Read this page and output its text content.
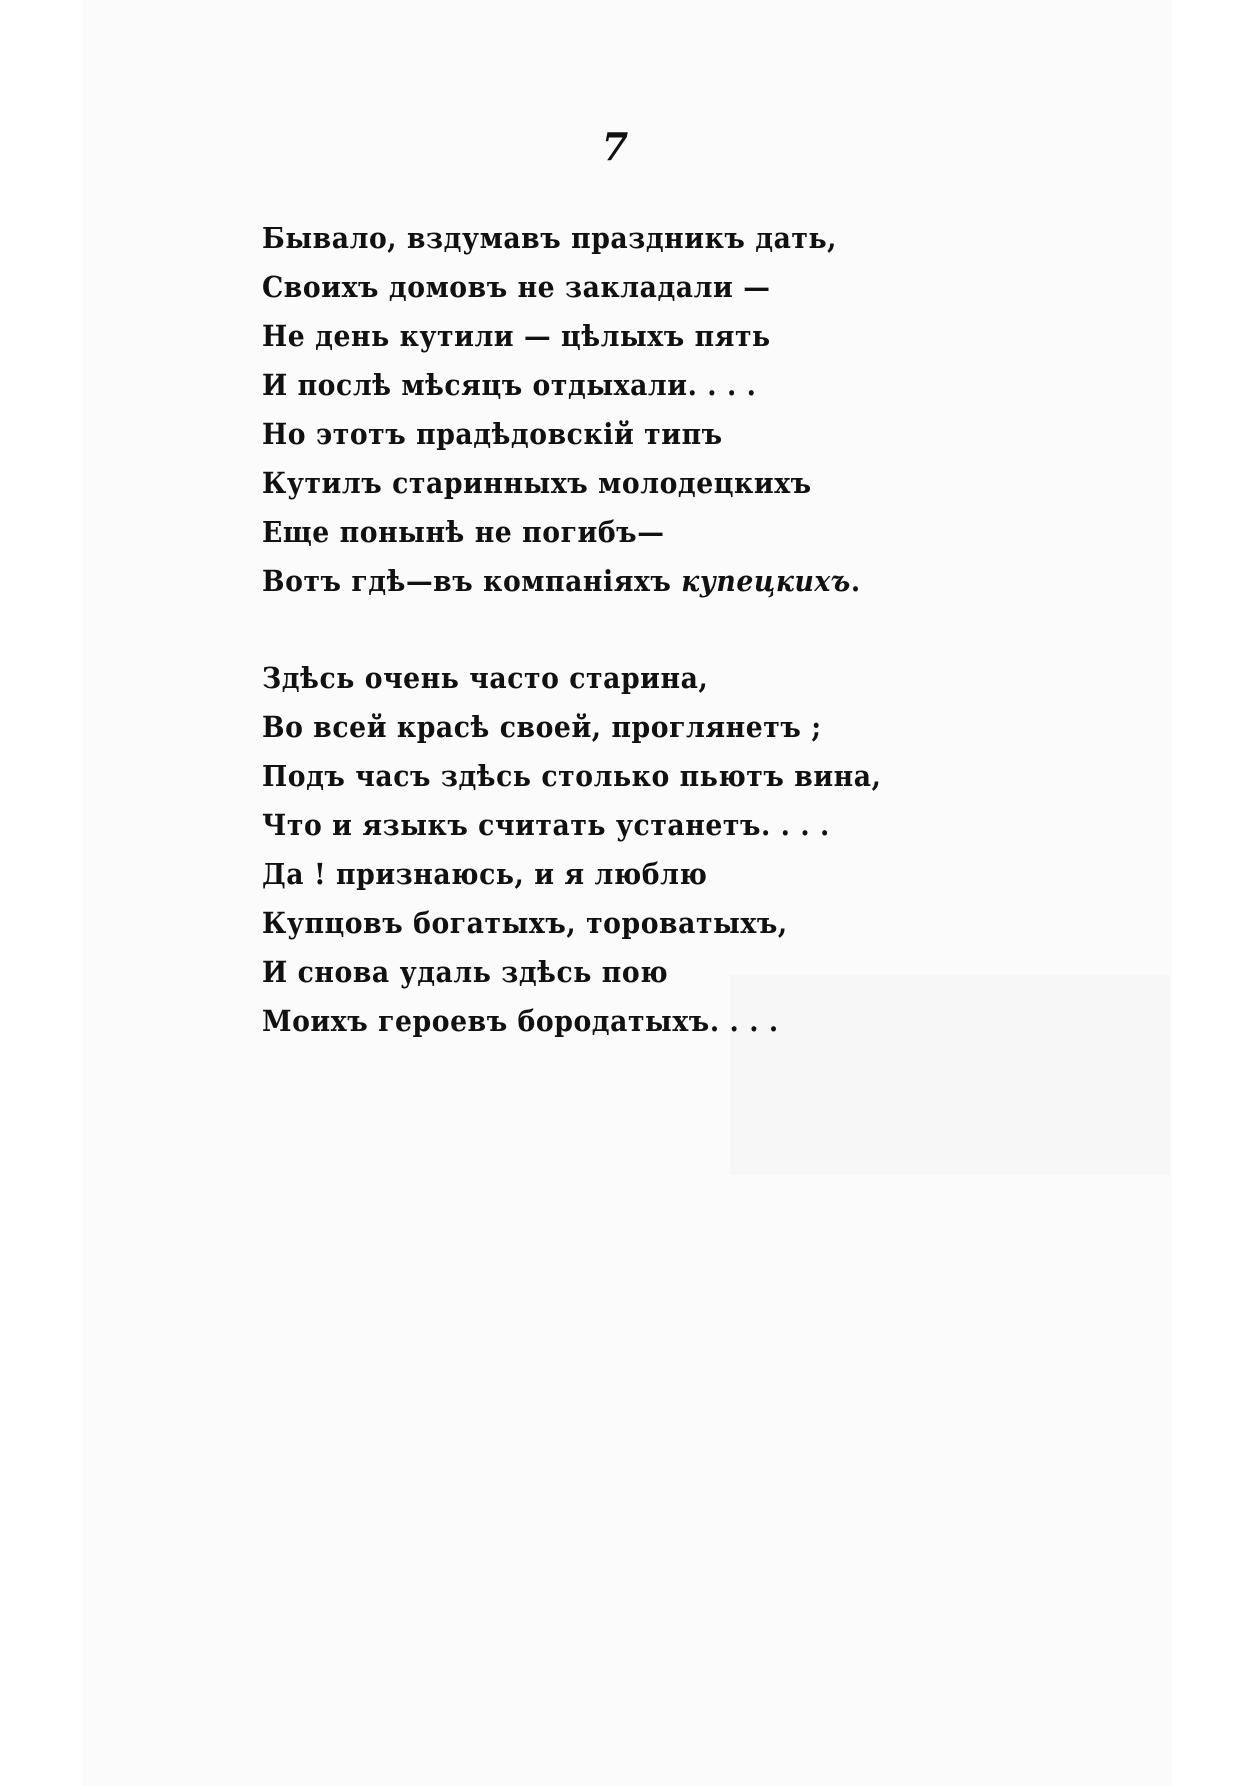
7
Бывало, вздумавъ праздникъ дать,
Своихъ домовъ не закладали —
Не день кутили — цѣлыхъ пять
И послѣ мѣсяцъ отдыхали. . . .
Но этотъ прадѣдовскій типъ
Кутилъ старинныхъ молодецкихъ
Еще понынѣ не погибъ—
Вотъ гдѣ—въ компаніяхъ купецкихъ.
Здѣсь очень часто старина,
Во всей красѣ своей, проглянетъ ;
Подъ часъ здѣсь столько пьютъ вина,
Что и языкъ считать устанетъ. . . .
Да ! признаюсь, и я люблю
Купцовъ богатыхъ, тороватыхъ,
И снова удаль здѣсь пою
Моихъ героевъ бородатыхъ. . . .
